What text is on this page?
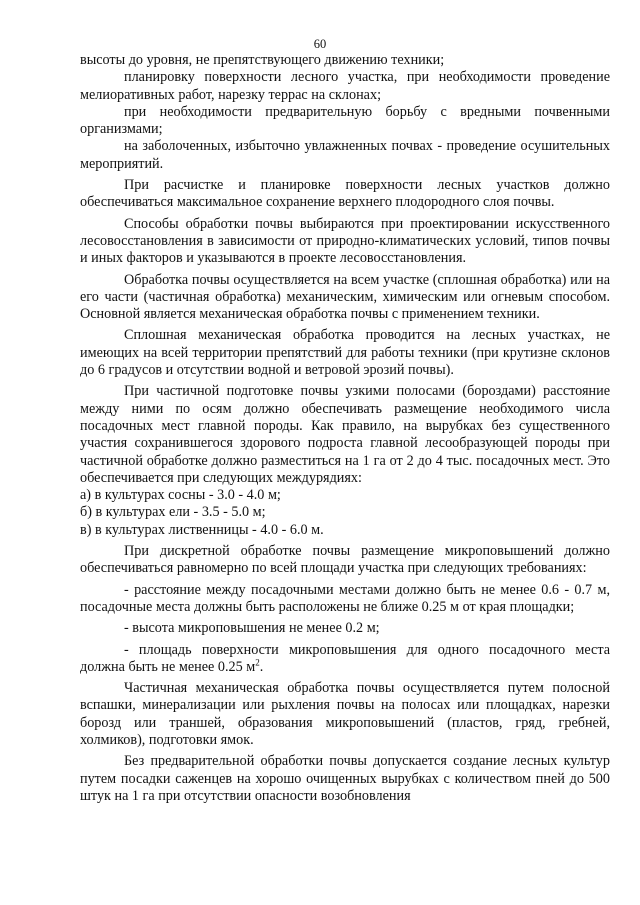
60

высоты до уровня, не препятствующего движению техники;

планировку поверхности лесного участка, при необходимости проведение мелиоративных работ, нарезку террас на склонах;

при необходимости предварительную борьбу с вредными почвенными организмами;

на заболоченных, избыточно увлажненных почвах - проведение осушительных мероприятий.

При расчистке и планировке поверхности лесных участков должно обеспечиваться максимальное сохранение верхнего плодородного слоя почвы.

Способы обработки почвы выбираются при проектировании искусственного лесовосстановления в зависимости от природно-климатических условий, типов почвы и иных факторов и указываются в проекте лесовосстановления.

Обработка почвы осуществляется на всем участке (сплошная обработка) или на его части (частичная обработка) механическим, химическим или огневым способом. Основной является механическая обработка почвы с применением техники.

Сплошная механическая обработка проводится на лесных участках, не имеющих на всей территории препятствий для работы техники (при крутизне склонов до 6 градусов и отсутствии водной и ветровой эрозий почвы).

При частичной подготовке почвы узкими полосами (бороздами) расстояние между ними по осям должно обеспечивать размещение необходимого числа посадочных мест главной породы. Как правило, на вырубках без существенного участия сохранившегося здорового подроста главной лесообразующей породы при частичной обработке должно разместиться на 1 га от 2 до 4 тыс. посадочных мест. Это обеспечивается при следующих междурядиях:

а) в культурах сосны - 3.0 - 4.0 м;

б) в культурах ели - 3.5 - 5.0 м;

в) в культурах лиственницы - 4.0 - 6.0 м.

При дискретной обработке почвы размещение микроповышений должно обеспечиваться равномерно по всей площади участка при следующих требованиях:

- расстояние между посадочными местами должно быть не менее 0.6 - 0.7 м, посадочные места должны быть расположены не ближе 0.25 м от края площадки;

- высота микроповышения не менее 0.2 м;

- площадь поверхности микроповышения для одного посадочного места должна быть не менее 0.25 $м^2$.

Частичная механическая обработка почвы осуществляется путем полосной вспашки, минерализации или рыхления почвы на полосах или площадках, нарезки борозд или траншей, образования микроповышений (пластов, гряд, гребней, холмиков), подготовки ямок.

Без предварительной обработки почвы допускается создание лесных культур путем посадки саженцев на хорошо очищенных вырубках с количеством пней до 500 штук на 1 га при отсутствии опасности возобновления
